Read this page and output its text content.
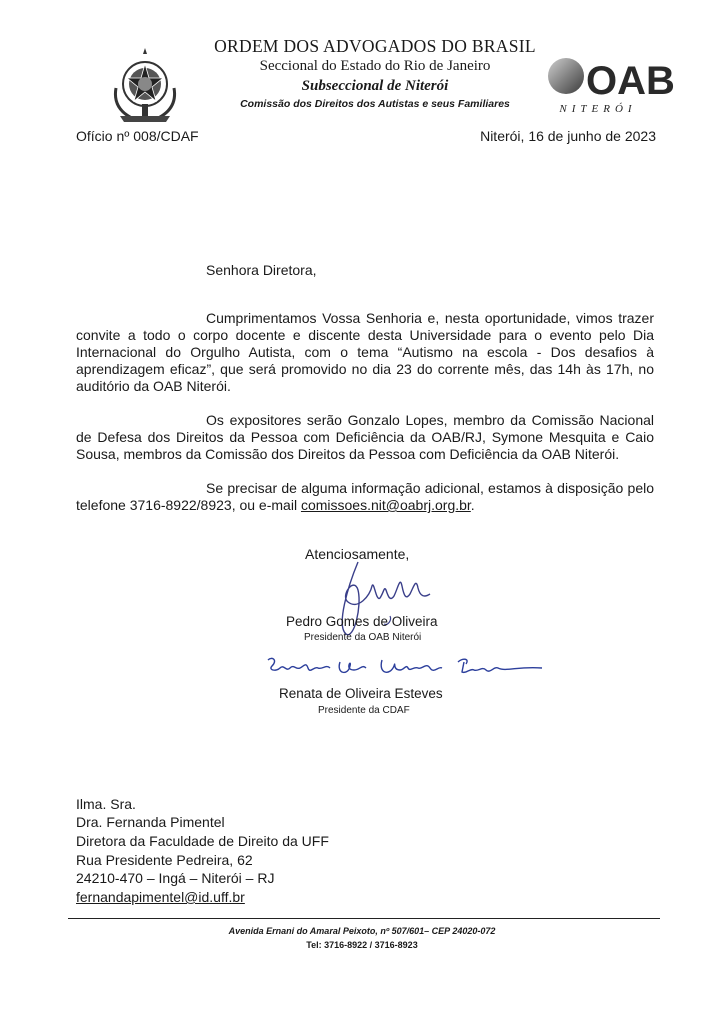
ORDEM DOS ADVOGADOS DO BRASIL
Seccional do Estado do Rio de Janeiro
Subseccional de Niterói
Comissão dos Direitos dos Autistas e seus Familiares
OAB
NITERÓI
Ofício nº 008/CDAF	Niterói, 16 de junho de 2023
Senhora Diretora,
Cumprimentamos Vossa Senhoria e, nesta oportunidade, vimos trazer convite a todo o corpo docente e discente desta Universidade para o evento pelo Dia Internacional do Orgulho Autista, com o tema “Autismo na escola - Dos desafios à aprendizagem eficaz”, que será promovido no dia 23 do corrente mês, das 14h às 17h, no auditório da OAB Niterói.
Os expositores serão Gonzalo Lopes, membro da Comissão Nacional de Defesa dos Direitos da Pessoa com Deficiência da OAB/RJ, Symone Mesquita e Caio Sousa, membros da Comissão dos Direitos da Pessoa com Deficiência da OAB Niterói.
Se precisar de alguma informação adicional, estamos à disposição pelo telefone 3716-8922/8923, ou e-mail comissoes.nit@oabrj.org.br.
Atenciosamente,
Pedro Gomes de Oliveira
Presidente da OAB Niterói
Renata de Oliveira Esteves
Presidente da CDAF
Ilma. Sra.
Dra. Fernanda Pimentel
Diretora da Faculdade de Direito da UFF
Rua Presidente Pedreira, 62
24210-470 – Ingá – Niterói – RJ
fernandapimentel@id.uff.br
Avenida Ernani do Amaral Peixoto, nº 507/601– CEP 24020-072
Tel: 3716-8922 / 3716-8923
